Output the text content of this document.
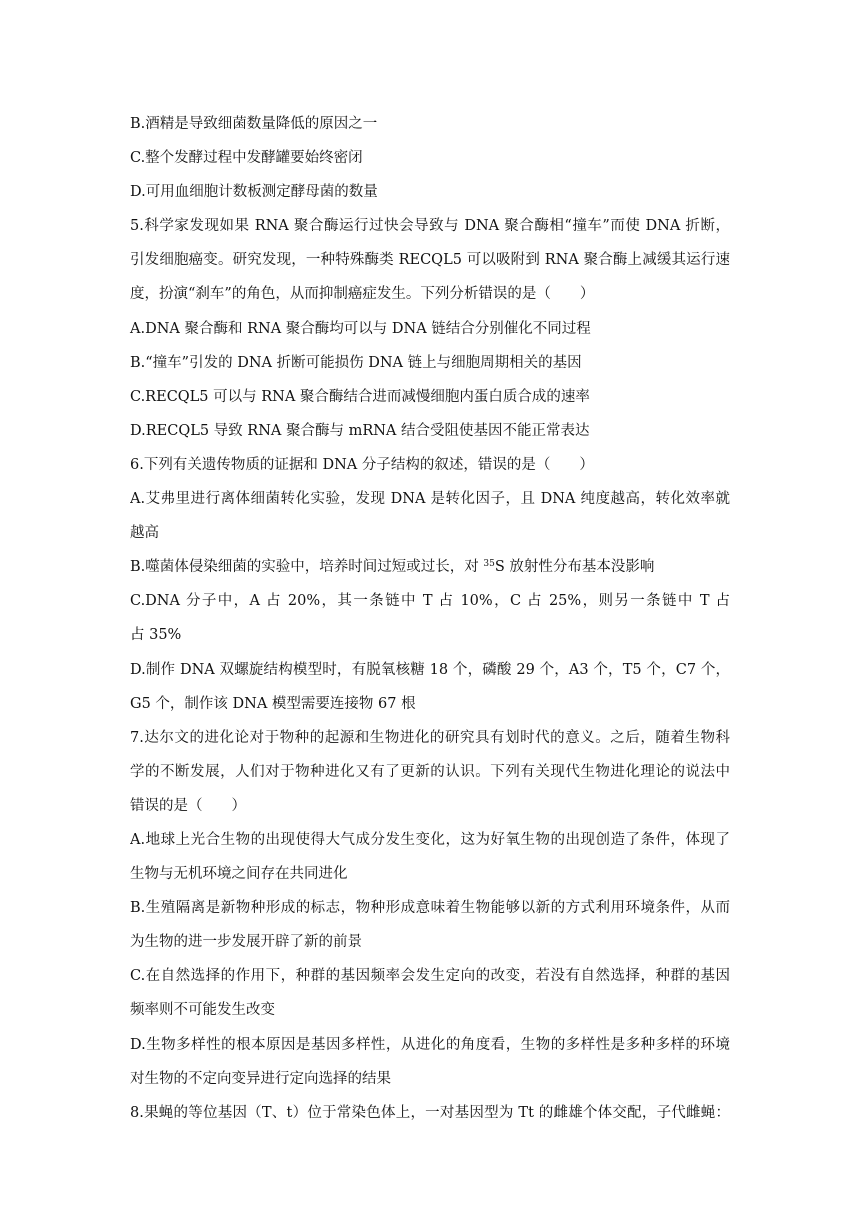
B.酒精是导致细菌数量降低的原因之一
C.整个发酵过程中发酵罐要始终密闭
D.可用血细胞计数板测定酵母菌的数量
5.科学家发现如果 RNA 聚合酶运行过快会导致与 DNA 聚合酶相“撞车”而使 DNA 折断，
引发细胞癌变。研究发现，一种特殊酶类 RECQL5 可以吸附到 RNA 聚合酶上减缓其运行速
度，扮演“刹车”的角色，从而抑制癌症发生。下列分析错误的是（　　）
A.DNA 聚合酶和 RNA 聚合酶均可以与 DNA 链结合分别催化不同过程
B.“撞车”引发的 DNA 折断可能损伤 DNA 链上与细胞周期相关的基因
C.RECQL5 可以与 RNA 聚合酶结合进而减慢细胞内蛋白质合成的速率
D.RECQL5 导致 RNA 聚合酶与 mRNA 结合受阻使基因不能正常表达
6.下列有关遗传物质的证据和 DNA 分子结构的叙述，错误的是（　　）
A.艾弗里进行离体细菌转化实验，发现 DNA 是转化因子，且 DNA 纯度越高，转化效率就
越高
B.噬菌体侵染细菌的实验中，培养时间过短或过长，对 $^{35}$S 放射性分布基本没影响
C.DNA 分子中，A 占 20%，其一条链中 T 占 10%，C 占 25%，则另一条链中 T 占
占 35%
D.制作 DNA 双螺旋结构模型时，有脱氧核糖 18 个，磷酸 29 个，A3 个，T5 个，C7 个，
G5 个，制作该 DNA 模型需要连接物 67 根
7.达尔文的进化论对于物种的起源和生物进化的研究具有划时代的意义。之后，随着生物科
学的不断发展，人们对于物种进化又有了更新的认识。下列有关现代生物进化理论的说法中
错误的是（　　）
A.地球上光合生物的出现使得大气成分发生变化，这为好氧生物的出现创造了条件，体现了
生物与无机环境之间存在共同进化
B.生殖隔离是新物种形成的标志，物种形成意味着生物能够以新的方式利用环境条件，从而
为生物的进一步发展开辟了新的前景
C.在自然选择的作用下，种群的基因频率会发生定向的改变，若没有自然选择，种群的基因
频率则不可能发生改变
D.生物多样性的根本原因是基因多样性，从进化的角度看，生物的多样性是多种多样的环境
对生物的不定向变异进行定向选择的结果
8.果蝇的等位基因（T、t）位于常染色体上，一对基因型为 Tt 的雌雄个体交配，子代雌蝇：
